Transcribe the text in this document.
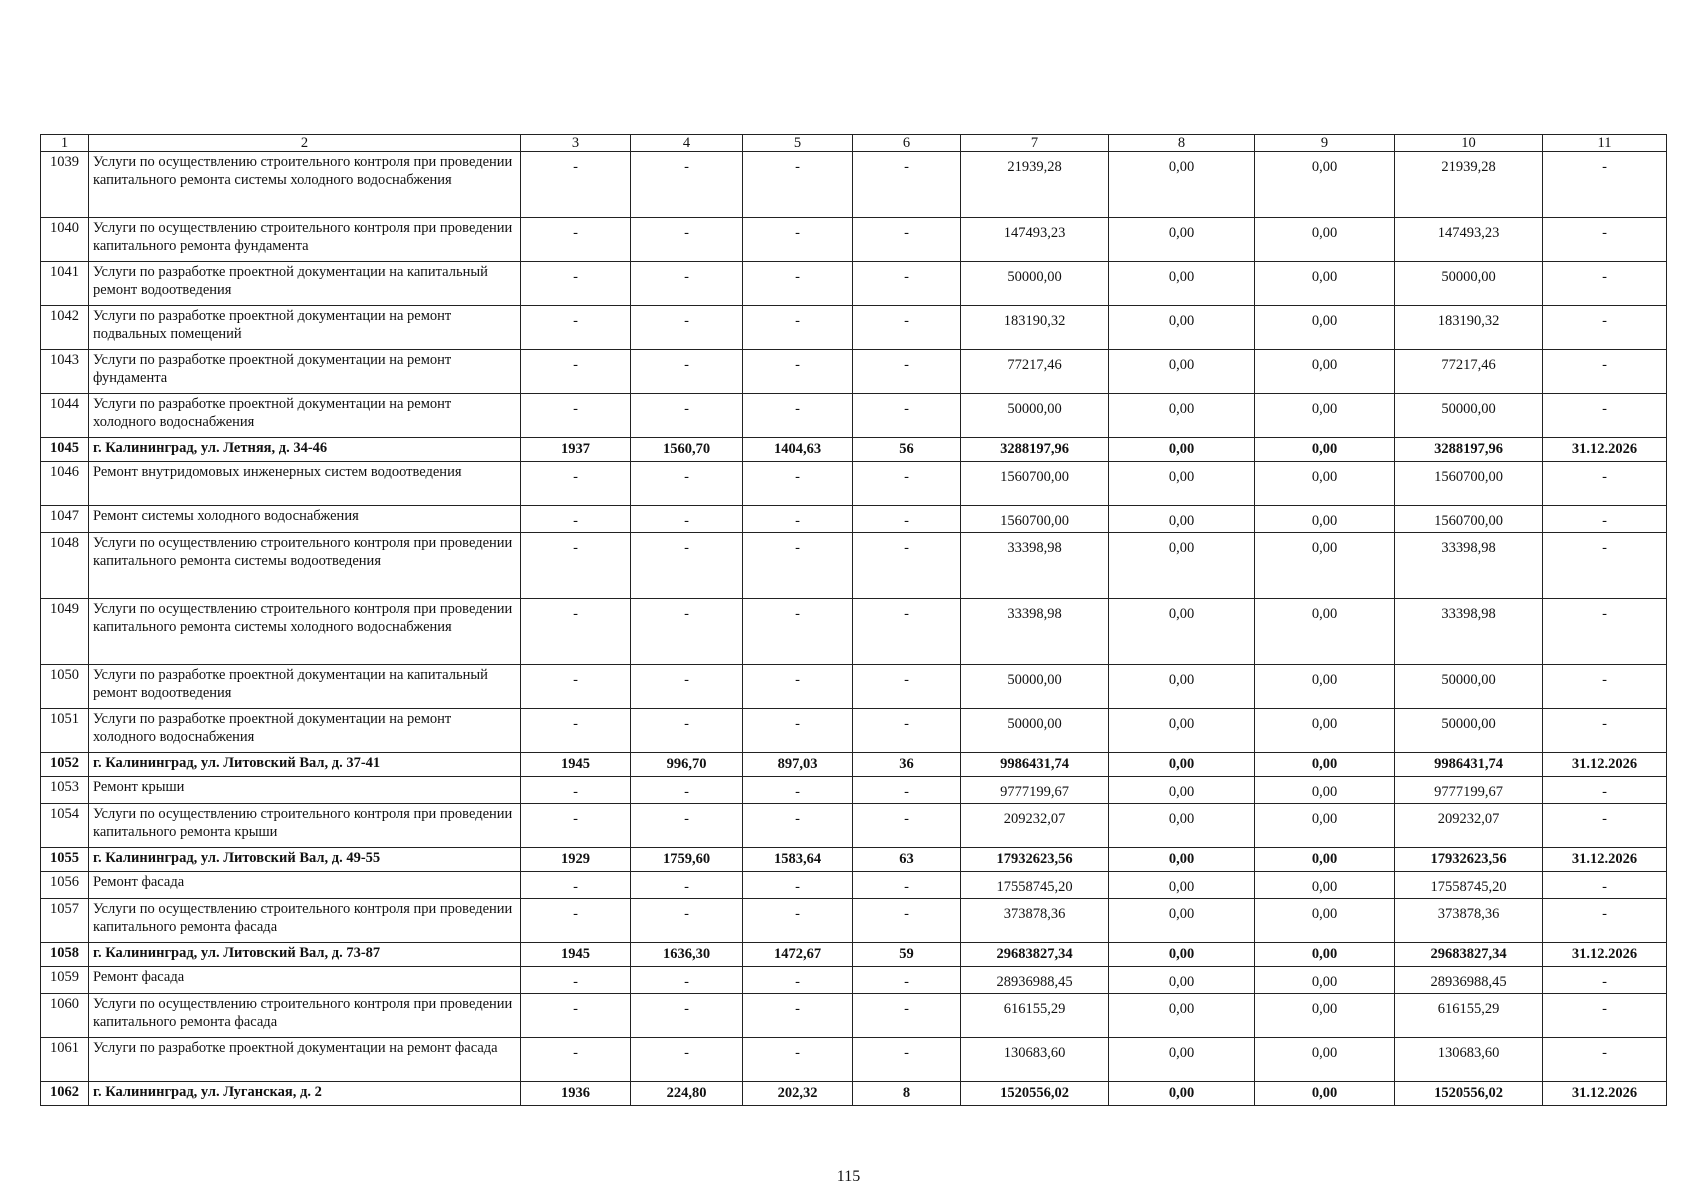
1	2	3	4	5	6	7	8	9	10	11
1039	Услуги по осуществлению строительного контроля при проведении капитального ремонта системы холодного водоснабжения	-	-	-	-	21939,28	0,00	0,00	21939,28	-
1040	Услуги по осуществлению строительного контроля при проведении капитального ремонта фундамента	-	-	-	-	147493,23	0,00	0,00	147493,23	-
1041	Услуги по разработке проектной документации на капитальный ремонт водоотведения	-	-	-	-	50000,00	0,00	0,00	50000,00	-
1042	Услуги по разработке проектной документации на ремонт подвальных помещений	-	-	-	-	183190,32	0,00	0,00	183190,32	-
1043	Услуги по разработке проектной документации на ремонт фундамента	-	-	-	-	77217,46	0,00	0,00	77217,46	-
1044	Услуги по разработке проектной документации на ремонт холодного водоснабжения	-	-	-	-	50000,00	0,00	0,00	50000,00	-
1045	г. Калининград, ул. Летняя, д. 34-46	1937	1560,70	1404,63	56	3288197,96	0,00	0,00	3288197,96	31.12.2026
1046	Ремонт внутридомовых инженерных систем водоотведения	-	-	-	-	1560700,00	0,00	0,00	1560700,00	-
1047	Ремонт системы холодного водоснабжения	-	-	-	-	1560700,00	0,00	0,00	1560700,00	-
1048	Услуги по осуществлению строительного контроля при проведении капитального ремонта системы водоотведения	-	-	-	-	33398,98	0,00	0,00	33398,98	-
1049	Услуги по осуществлению строительного контроля при проведении капитального ремонта системы холодного водоснабжения	-	-	-	-	33398,98	0,00	0,00	33398,98	-
1050	Услуги по разработке проектной документации на капитальный ремонт водоотведения	-	-	-	-	50000,00	0,00	0,00	50000,00	-
1051	Услуги по разработке проектной документации на ремонт холодного водоснабжения	-	-	-	-	50000,00	0,00	0,00	50000,00	-
1052	г. Калининград, ул. Литовский Вал, д. 37-41	1945	996,70	897,03	36	9986431,74	0,00	0,00	9986431,74	31.12.2026
1053	Ремонт крыши	-	-	-	-	9777199,67	0,00	0,00	9777199,67	-
1054	Услуги по осуществлению строительного контроля при проведении капитального ремонта крыши	-	-	-	-	209232,07	0,00	0,00	209232,07	-
1055	г. Калининград, ул. Литовский Вал, д. 49-55	1929	1759,60	1583,64	63	17932623,56	0,00	0,00	17932623,56	31.12.2026
1056	Ремонт фасада	-	-	-	-	17558745,20	0,00	0,00	17558745,20	-
1057	Услуги по осуществлению строительного контроля при проведении капитального ремонта фасада	-	-	-	-	373878,36	0,00	0,00	373878,36	-
1058	г. Калининград, ул. Литовский Вал, д. 73-87	1945	1636,30	1472,67	59	29683827,34	0,00	0,00	29683827,34	31.12.2026
1059	Ремонт фасада	-	-	-	-	28936988,45	0,00	0,00	28936988,45	-
1060	Услуги по осуществлению строительного контроля при проведении капитального ремонта фасада	-	-	-	-	616155,29	0,00	0,00	616155,29	-
1061	Услуги по разработке проектной документации на ремонт фасада	-	-	-	-	130683,60	0,00	0,00	130683,60	-
1062	г. Калининград, ул. Луганская, д. 2	1936	224,80	202,32	8	1520556,02	0,00	0,00	1520556,02	31.12.2026
115
